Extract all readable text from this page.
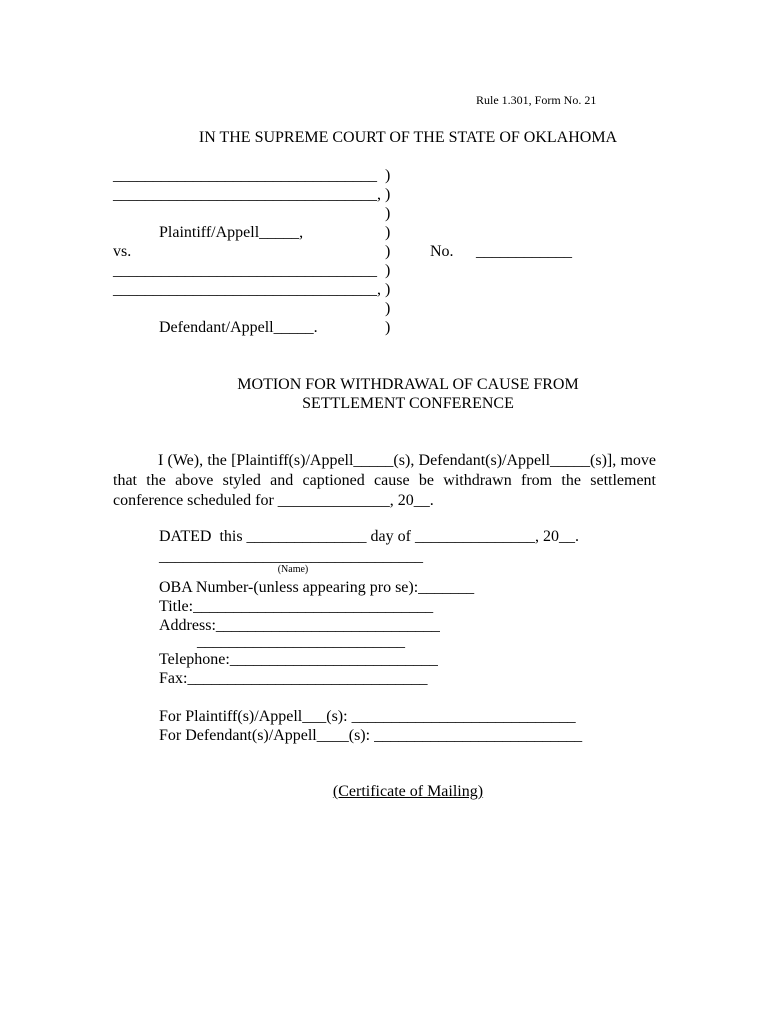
Rule 1.301, Form No. 21
IN THE SUPREME COURT OF THE STATE OF OKLAHOMA
_________________________________  )
_________________________________, )
)
Plaintiff/Appell_____,	)
vs.	) No. ____________
_________________________________  )
_________________________________, )
)
Defendant/Appell_____.	)
MOTION FOR WITHDRAWAL OF CAUSE FROM
SETTLEMENT CONFERENCE
I (We), the [Plaintiff(s)/Appell_____(s), Defendant(s)/Appell_____(s)], move that the above styled and captioned cause be withdrawn from the settlement conference scheduled for ______________, 20__.
DATED  this _______________ day of _______________, 20__.
_________________________________
(Name)
OBA Number-(unless appearing pro se):_______
Title:______________________________
Address:____________________________
__________________________
Telephone:__________________________
Fax:______________________________
For Plaintiff(s)/Appell___(s): ____________________________
For Defendant(s)/Appell____(s): __________________________
(Certificate of Mailing)
